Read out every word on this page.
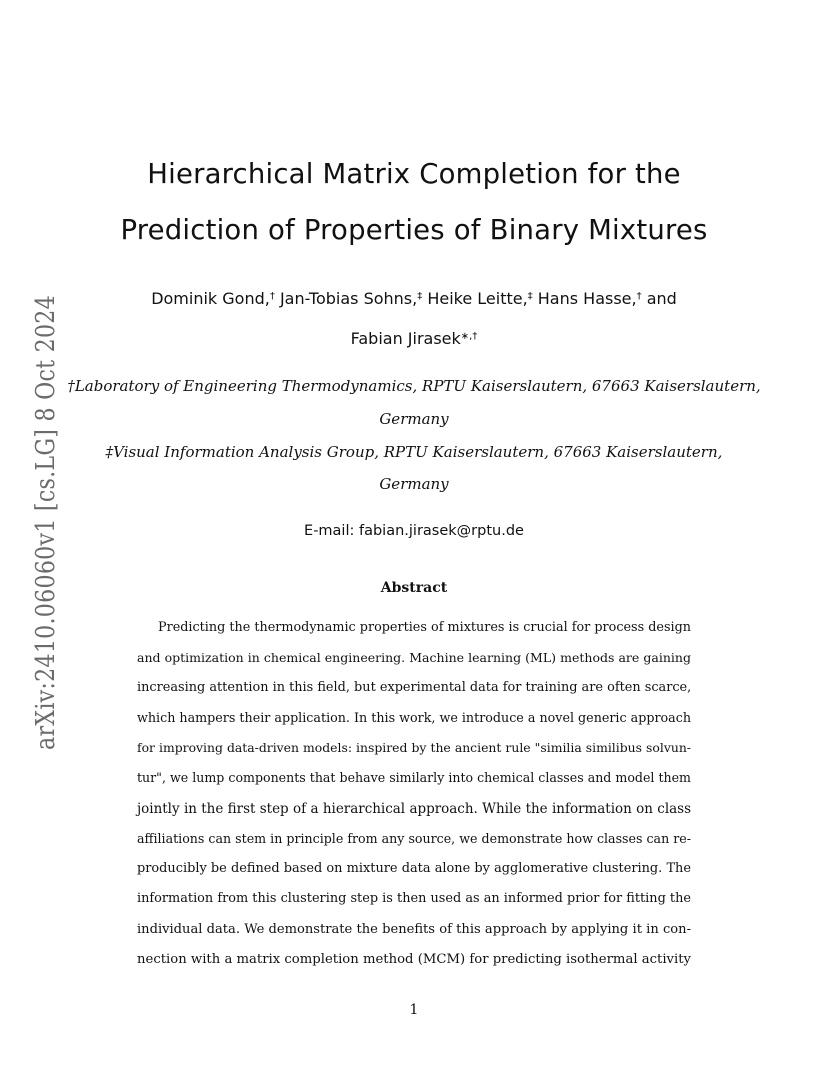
arXiv:2410.06060v1 [cs.LG] 8 Oct 2024
Hierarchical Matrix Completion for the
Prediction of Properties of Binary Mixtures
Dominik Gond,† Jan-Tobias Sohns,‡ Heike Leitte,‡ Hans Hasse,† and
Fabian Jirasek∗,†
†Laboratory of Engineering Thermodynamics, RPTU Kaiserslautern, 67663 Kaiserslautern,
Germany
‡Visual Information Analysis Group, RPTU Kaiserslautern, 67663 Kaiserslautern,
Germany
E-mail: fabian.jirasek@rptu.de
Abstract
Predicting the thermodynamic properties of mixtures is crucial for process design
and optimization in chemical engineering. Machine learning (ML) methods are gaining
increasing attention in this field, but experimental data for training are often scarce,
which hampers their application. In this work, we introduce a novel generic approach
for improving data-driven models: inspired by the ancient rule "similia similibus solvun-
tur", we lump components that behave similarly into chemical classes and model them
jointly in the first step of a hierarchical approach. While the information on class
affiliations can stem in principle from any source, we demonstrate how classes can re-
producibly be defined based on mixture data alone by agglomerative clustering. The
information from this clustering step is then used as an informed prior for fitting the
individual data. We demonstrate the benefits of this approach by applying it in con-
nection with a matrix completion method (MCM) for predicting isothermal activity
1
